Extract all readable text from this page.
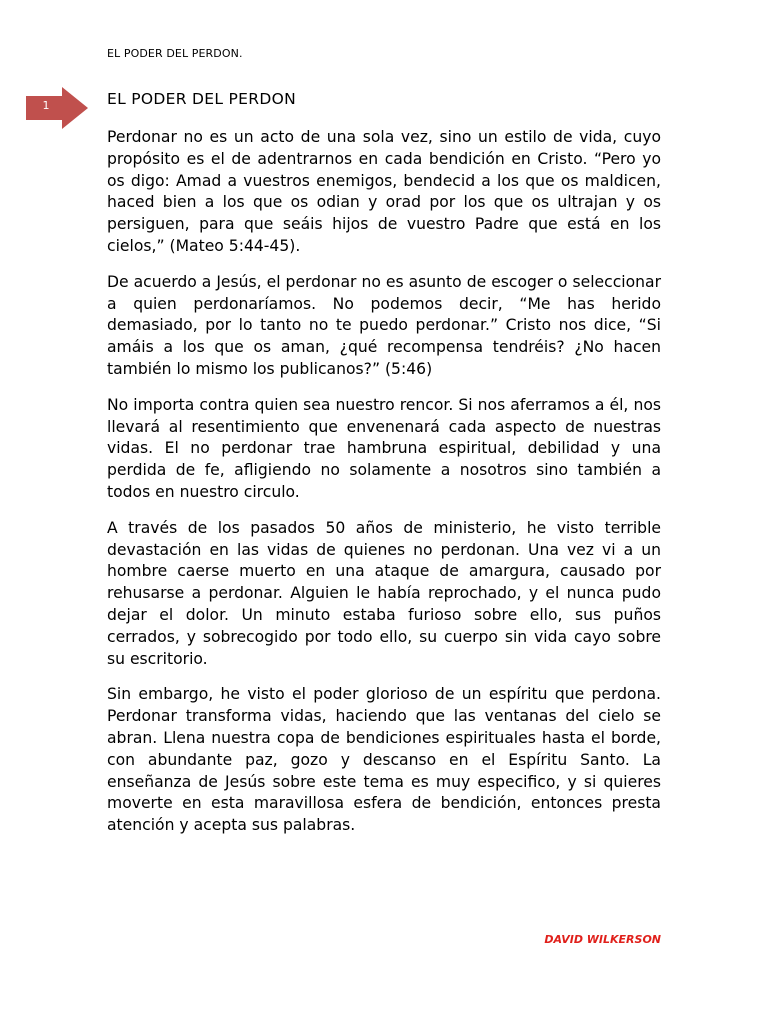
EL PODER DEL PERDON.
1	EL PODER DEL PERDON

Perdonar no es un acto de una sola vez, sino un estilo de vida, cuyo propósito es el de adentrarnos en cada bendición en Cristo. “Pero yo os digo: Amad a vuestros enemigos, bendecid a los que os maldicen, haced bien a los que os odian y orad por los que os ultrajan y os persiguen, para que seáis hijos de vuestro Padre que está en los cielos,” (Mateo 5:44-45).

De acuerdo a Jesús, el perdonar no es asunto de escoger o seleccionar a quien perdonaríamos. No podemos decir, “Me has herido demasiado, por lo tanto no te puedo perdonar.” Cristo nos dice, “Si amáis a los que os aman, ¿qué recompensa tendréis? ¿No hacen también lo mismo los publicanos?” (5:46)

No importa contra quien sea nuestro rencor. Si nos aferramos a él, nos llevará al resentimiento que envenenará cada aspecto de nuestras vidas. El no perdonar trae hambruna espiritual, debilidad y una perdida de fe, afligiendo no solamente a nosotros sino también a todos en nuestro circulo.

A través de los pasados 50 años de ministerio, he visto terrible devastación en las vidas de quienes no perdonan. Una vez vi a un hombre caerse muerto en una ataque de amargura, causado por rehusarse a perdonar. Alguien le había reprochado, y el nunca pudo dejar el dolor. Un minuto estaba furioso sobre ello, sus puños cerrados, y sobrecogido por todo ello, su cuerpo sin vida cayo sobre su escritorio.

Sin embargo, he visto el poder glorioso de un espíritu que perdona. Perdonar transforma vidas, haciendo que las ventanas del cielo se abran. Llena nuestra copa de bendiciones espirituales hasta el borde, con abundante paz, gozo y descanso en el Espíritu Santo. La enseñanza de Jesús sobre este tema es muy especifico, y si quieres moverte en esta maravillosa esfera de bendición, entonces presta atención y acepta sus palabras.

DAVID WILKERSON
